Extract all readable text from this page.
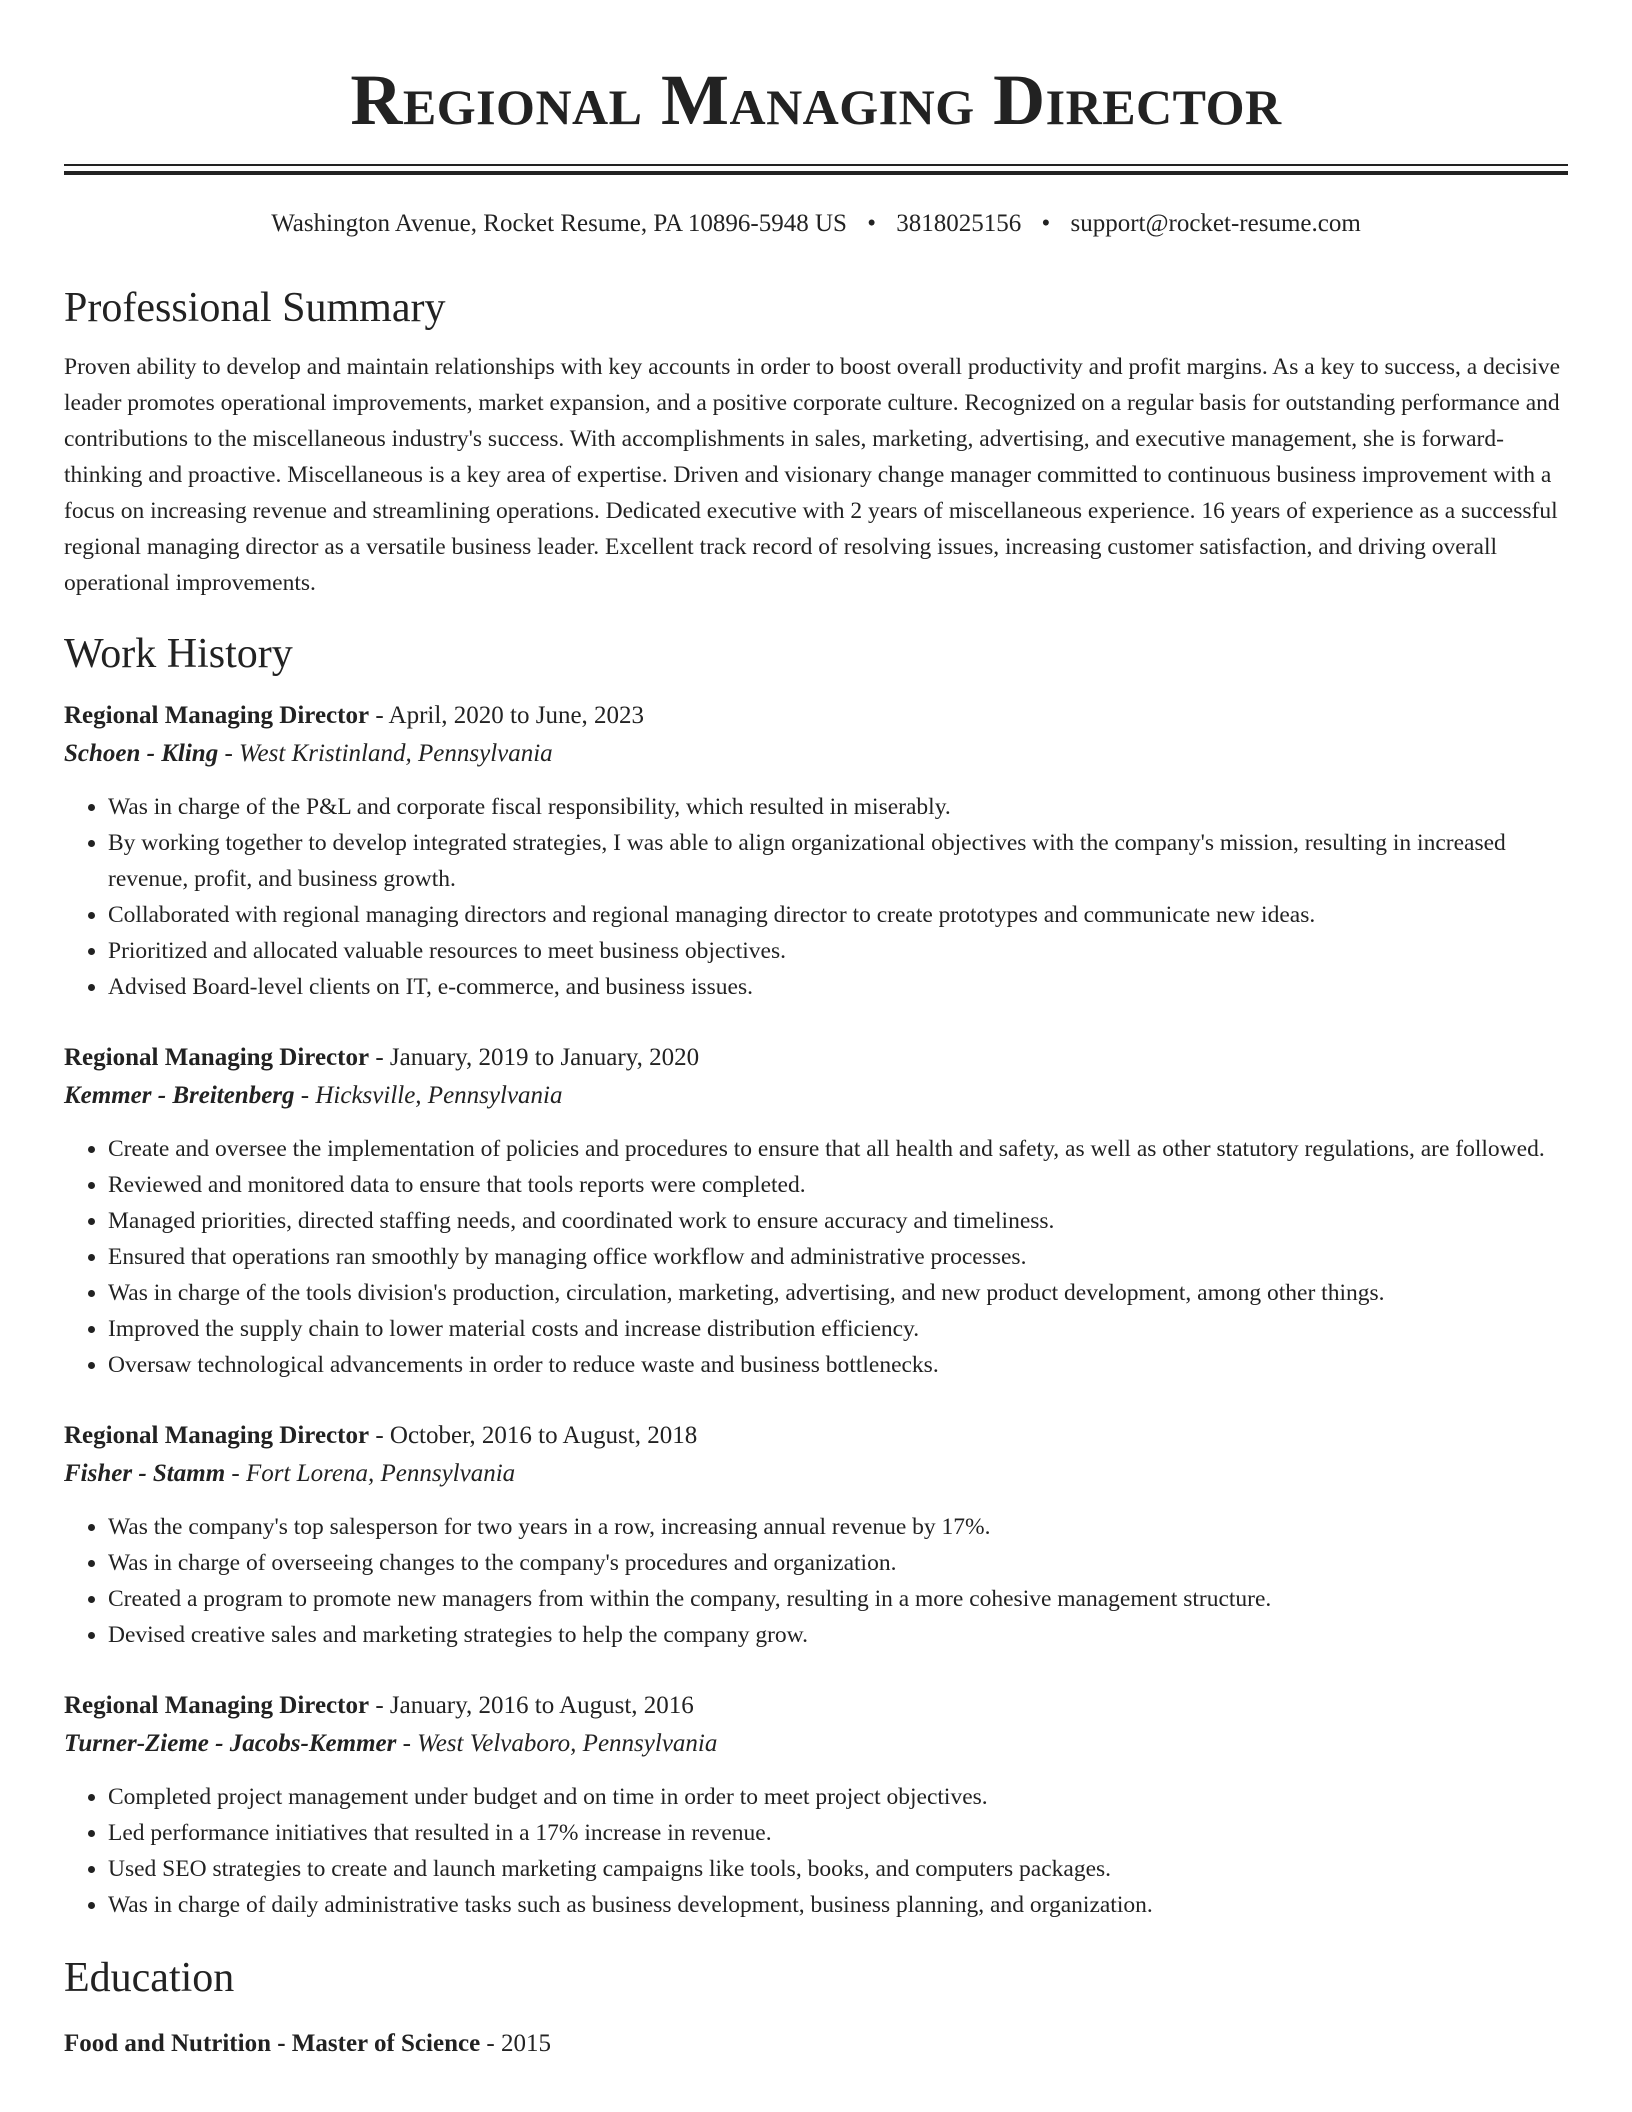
Regional Managing Director
Washington Avenue, Rocket Resume, PA 10896-5948 US • 3818025156 • support@rocket-resume.com
Professional Summary

Proven ability to develop and maintain relationships with key accounts in order to boost overall productivity and profit margins. As a key to success, a decisive leader promotes operational improvements, market expansion, and a positive corporate culture. Recognized on a regular basis for outstanding performance and contributions to the miscellaneous industry's success. With accomplishments in sales, marketing, advertising, and executive management, she is forward-thinking and proactive. Miscellaneous is a key area of expertise. Driven and visionary change manager committed to continuous business improvement with a focus on increasing revenue and streamlining operations. Dedicated executive with 2 years of miscellaneous experience. 16 years of experience as a successful regional managing director as a versatile business leader. Excellent track record of resolving issues, increasing customer satisfaction, and driving overall operational improvements.

Work History
Regional Managing Director - April, 2020 to June, 2023
Schoen - Kling - West Kristinland, Pennsylvania
• Was in charge of the P&L and corporate fiscal responsibility, which resulted in miserably.
• By working together to develop integrated strategies, I was able to align organizational objectives with the company's mission, resulting in increased revenue, profit, and business growth.
• Collaborated with regional managing directors and regional managing director to create prototypes and communicate new ideas.
• Prioritized and allocated valuable resources to meet business objectives.
• Advised Board-level clients on IT, e-commerce, and business issues.
Regional Managing Director - January, 2019 to January, 2020
Kemmer - Breitenberg - Hicksville, Pennsylvania
• Create and oversee the implementation of policies and procedures to ensure that all health and safety, as well as other statutory regulations, are followed.
• Reviewed and monitored data to ensure that tools reports were completed.
• Managed priorities, directed staffing needs, and coordinated work to ensure accuracy and timeliness.
• Ensured that operations ran smoothly by managing office workflow and administrative processes.
• Was in charge of the tools division's production, circulation, marketing, advertising, and new product development, among other things.
• Improved the supply chain to lower material costs and increase distribution efficiency.
• Oversaw technological advancements in order to reduce waste and business bottlenecks.
Regional Managing Director - October, 2016 to August, 2018
Fisher - Stamm - Fort Lorena, Pennsylvania
• Was the company's top salesperson for two years in a row, increasing annual revenue by 17%.
• Was in charge of overseeing changes to the company's procedures and organization.
• Created a program to promote new managers from within the company, resulting in a more cohesive management structure.
• Devised creative sales and marketing strategies to help the company grow.
Regional Managing Director - January, 2016 to August, 2016
Turner-Zieme - Jacobs-Kemmer - West Velvaboro, Pennsylvania
• Completed project management under budget and on time in order to meet project objectives.
• Led performance initiatives that resulted in a 17% increase in revenue.
• Used SEO strategies to create and launch marketing campaigns like tools, books, and computers packages.
• Was in charge of daily administrative tasks such as business development, business planning, and organization.
Education
Food and Nutrition - Master of Science - 2015
